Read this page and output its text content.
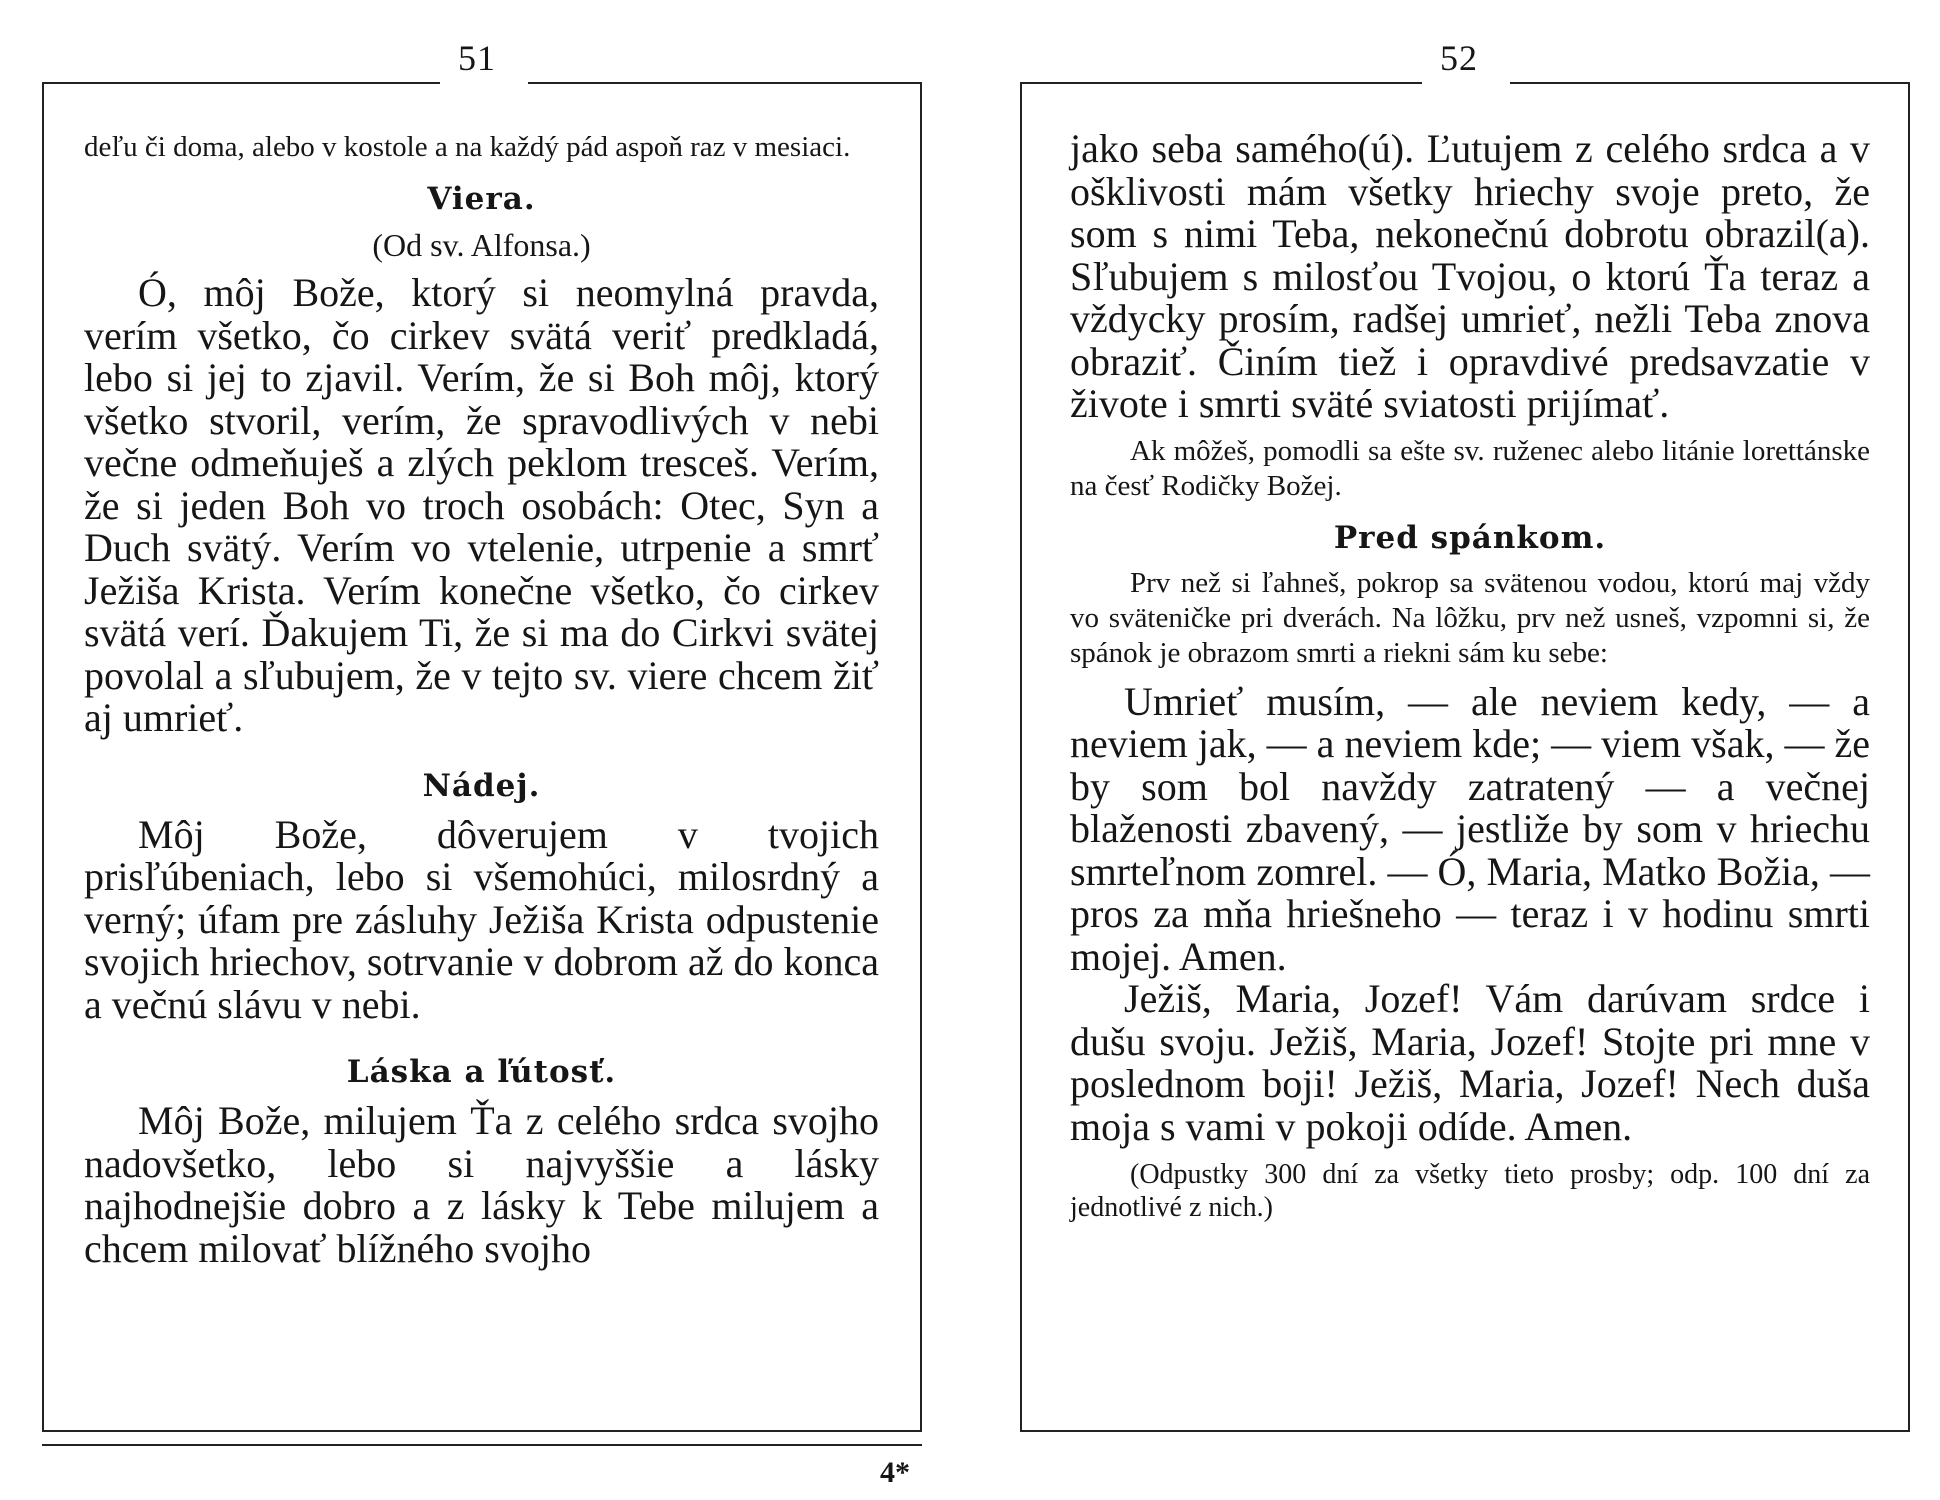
51

deľu či doma, alebo v kostole a na každý pád aspoň raz v mesiaci.

Viera.
(Od sv. Alfonsa.)

Ó, môj Bože, ktorý si neomylná pravda, verím všetko, čo cirkev svätá veriť predkladá, lebo si jej to zjavil. Verím, že si Boh môj, ktorý všetko stvoril, verím, že spravodlivých v nebi večne odmeňuješ a zlých peklom tresceš. Verím, že si jeden Boh vo troch osobách: Otec, Syn a Duch svätý. Verím vo vtelenie, utrpenie a smrť Ježiša Krista. Verím konečne všetko, čo cirkev svätá verí. Ďakujem Ti, že si ma do Cirkvi svätej povolal a sľubujem, že v tejto sv. viere chcem žiť aj umrieť.

Nádej.

Môj Bože, dôverujem v tvojich prisľúbeniach, lebo si všemohúci, milosrdný a verný; úfam pre zásluhy Ježiša Krista odpustenie svojich hriechov, sotrvanie v dobrom až do konca a večnú slávu v nebi.

Láska a ľútosť.

Môj Bože, milujem Ťa z celého srdca svojho nadovšetko, lebo si najvyššie a lásky najhodnejšie dobro a z lásky k Tebe milujem a chcem milovať blížného svojho

4*
52

jako seba samého(ú). Ľutujem z celého srdca a v ošklivosti mám všetky hriechy svoje preto, že som s nimi Teba, nekonečnú dobrotu obrazil(a). Sľubujem s milosťou Tvojou, o ktorú Ťa teraz a vždycky prosím, radšej umrieť, nežli Teba znova obraziť. Činím tiež i opravdivé predsavzatie v živote i smrti sväté sviatosti prijímať.

Ak môžeš, pomodli sa ešte sv. ruženec alebo litánie lorettánske na česť Rodičky Božej.

Pred spánkom.

Prv než si ľahneš, pokrop sa svätenou vodou, ktorú maj vždy vo sväteničke pri dverách. Na lôžku, prv než usneš, vzpomni si, že spánok je obrazom smrti a riekni sám ku sebe:

Umrieť musím, — ale neviem kedy, — a neviem jak, — a neviem kde; — viem však, — že by som bol navždy zatratený — a večnej blaženosti zbavený, — jestliže by som v hriechu smrteľnom zomrel. — Ó, Maria, Matko Božia, — pros za mňa hriešneho — teraz i v hodinu smrti mojej. Amen.

Ježiš, Maria, Jozef! Vám darúvam srdce i dušu svoju. Ježiš, Maria, Jozef! Stojte pri mne v poslednom boji! Ježiš, Maria, Jozef! Nech duša moja s vami v pokoji odíde. Amen.

(Odpustky 300 dní za všetky tieto prosby; odp. 100 dní za jednotlivé z nich.)
